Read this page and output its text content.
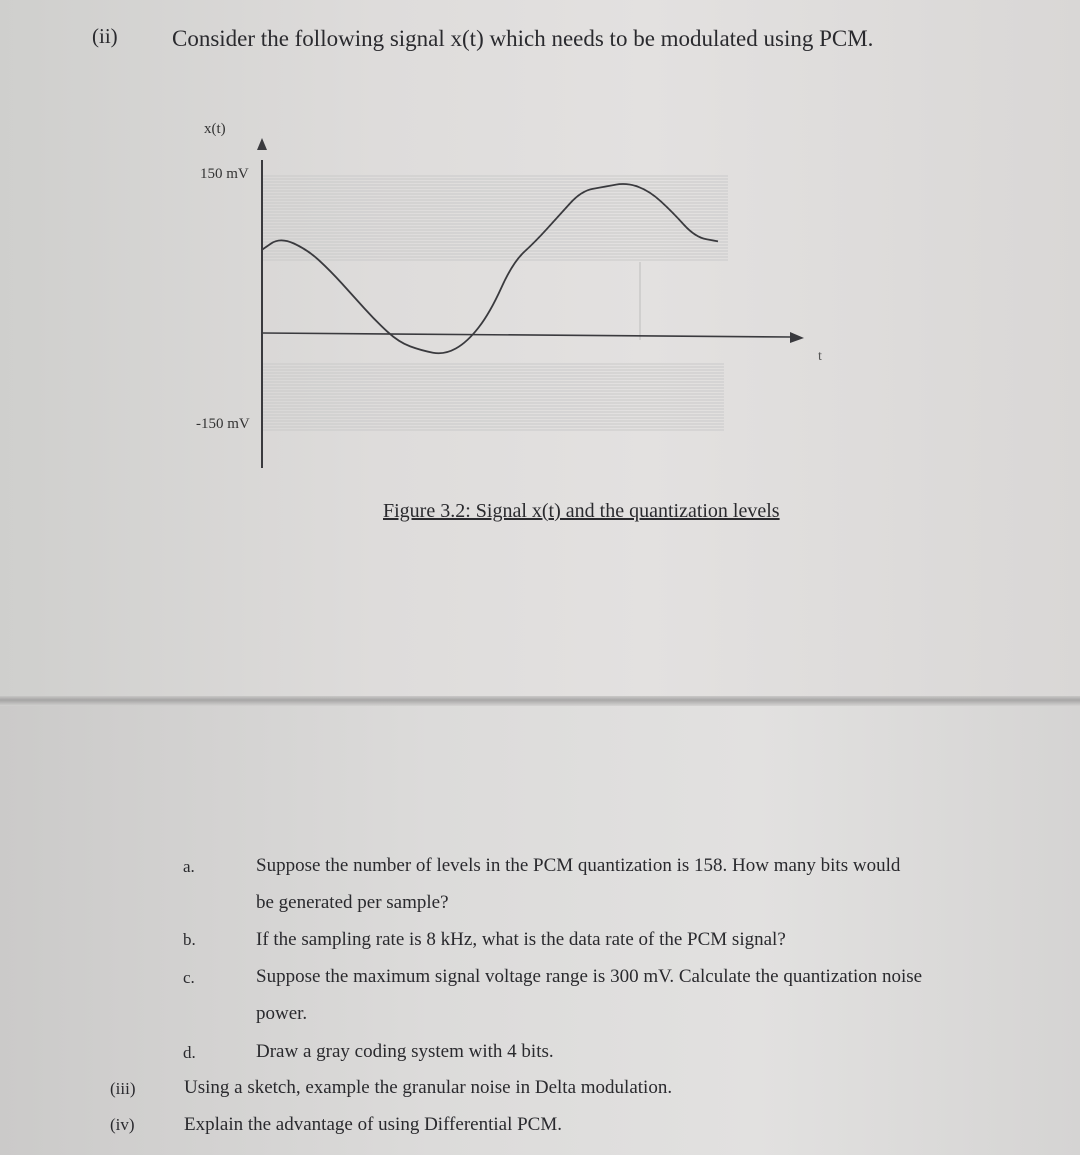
(ii) Consider the following signal x(t) which needs to be modulated using PCM.
x(t)
t
150 mV
-150 mV
Figure 3.2: Signal x(t) and the quantization levels
a.	Suppose the number of levels in the PCM quantization is 158. How many bits would
be generated per sample?
b.	If the sampling rate is 8 kHz, what is the data rate of the PCM signal?
c.	Suppose the maximum signal voltage range is 300 mV. Calculate the quantization noise
power.
d.	Draw a gray coding system with 4 bits.
(iii)	Using a sketch, example the granular noise in Delta modulation.
(iv)	Explain the advantage of using Differential PCM.
